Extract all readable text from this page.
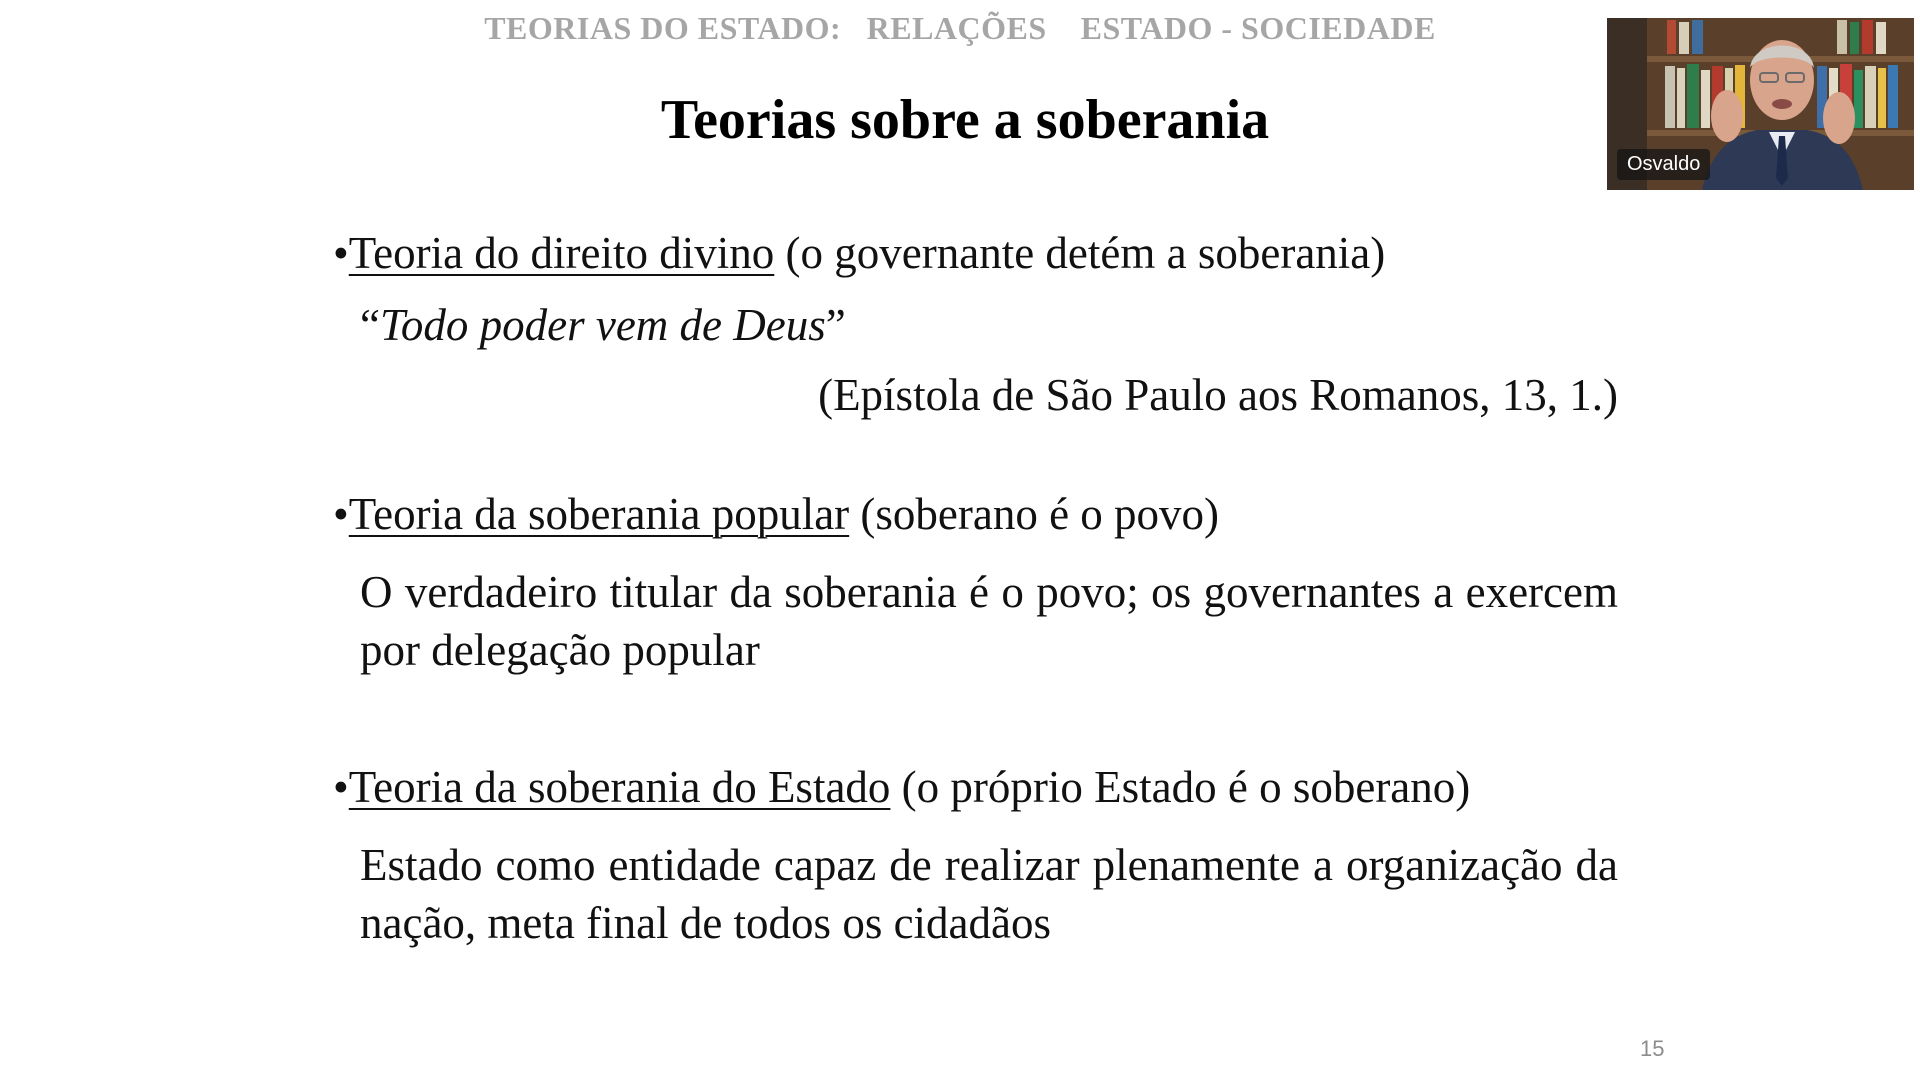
TEORIAS DO ESTADO:   RELAÇÕES    ESTADO - SOCIEDADE
Teorias sobre a soberania
•Teoria do direito divino (o governante detém a soberania)
“Todo poder vem de Deus”
(Epístola de São Paulo aos Romanos, 13, 1.)
•Teoria da soberania popular (soberano é o povo)
O verdadeiro titular da soberania é o povo; os governantes a exercem por delegação popular
•Teoria da soberania do Estado (o próprio Estado é o soberano)
Estado como entidade capaz de realizar plenamente a organização da nação, meta final de todos os cidadãos
15
Osvaldo
